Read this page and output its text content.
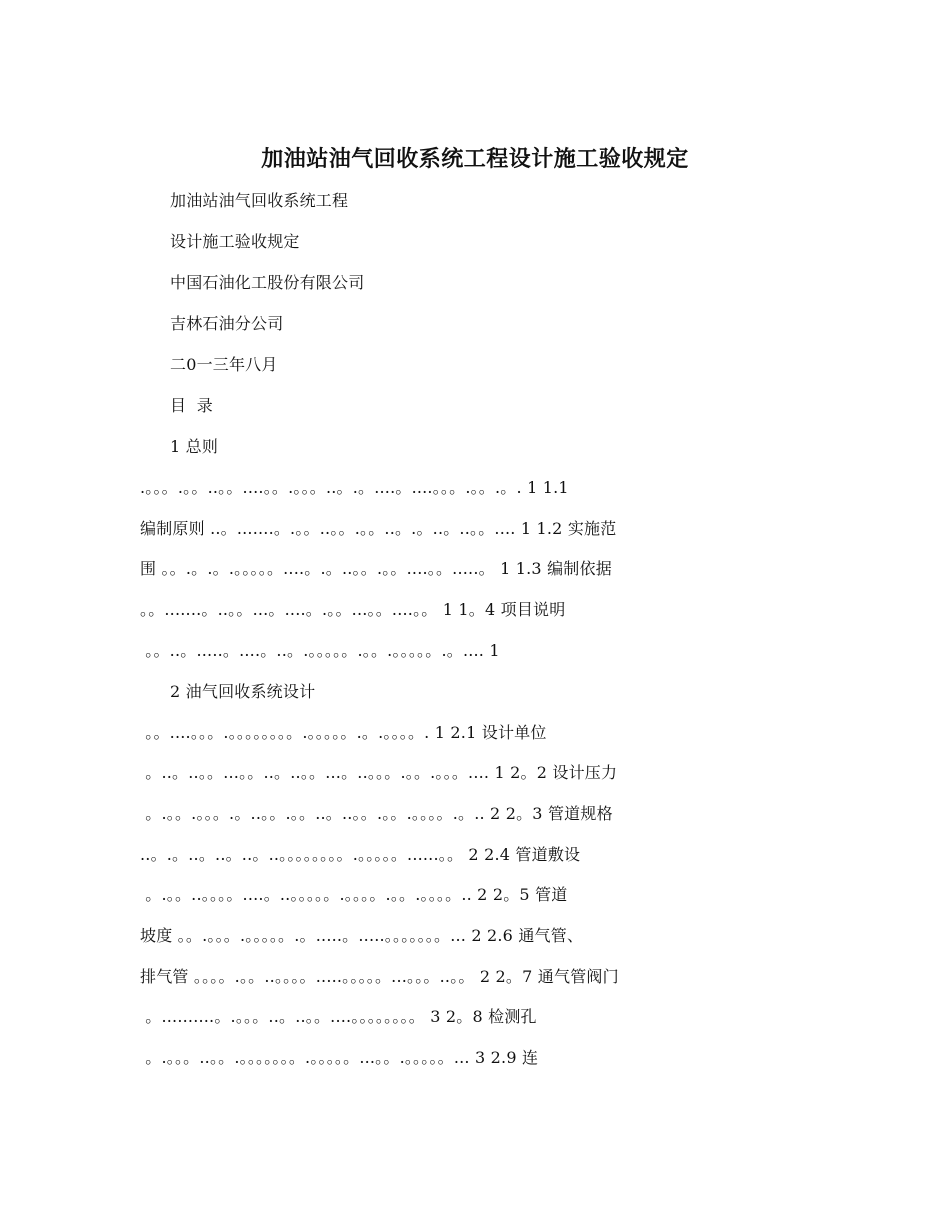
加油站油气回收系统工程设计施工验收规定
加油站油气回收系统工程
设计施工验收规定
中国石油化工股份有限公司
吉林石油分公司
二0一三年八月
目  录
1 总则
.。。。.。。..。。....。。.。。。..。.。....。....。。。.。。.。. 1 1.1
编制原则 ..。.......。.。。..。。.。。..。.。..。..。。.... 1 1.2 实施范
围 。。.。.。.。。。。。....。.。..。。.。。....。。.....。 1 1.3 编制依据
。。.......。..。。...。....。.。。...。。....。。 1 1。4 项目说明
。。..。.....。....。..。.。。。。。.。。.。。。。。.。.... 1
2 油气回收系统设计
。。....。。。.。。。。。。。。.。。。。。.。.。。。。. 1 2.1 设计单位
。..。..。。...。。..。..。。...。..。。。.。。.。。。.... 1 2。2 设计压力
。.。。.。。。.。..。。.。。..。..。。.。。.。。。。.。.. 2 2。3 管道规格
..。.。..。..。..。..。。。。。。。。.。。。。。......。。 2 2.4 管道敷设
。.。。..。。。。....。..。。。。。.。。。。.。。.。。。。.. 2 2。5 管道
坡度 。。.。。。.。。。。。.。.....。.....。。。。。。。... 2 2.6 通气管、
排气管 。。。。.。。..。。。。.....。。。。。...。。。..。。 2 2。7 通气管阀门
。..........。.。。。..。..。。....。。。。。。。。 3 2。8 检测孔
。.。。。..。。.。。。。。。。.。。。。。...。。.。。。。。... 3 2.9 连
